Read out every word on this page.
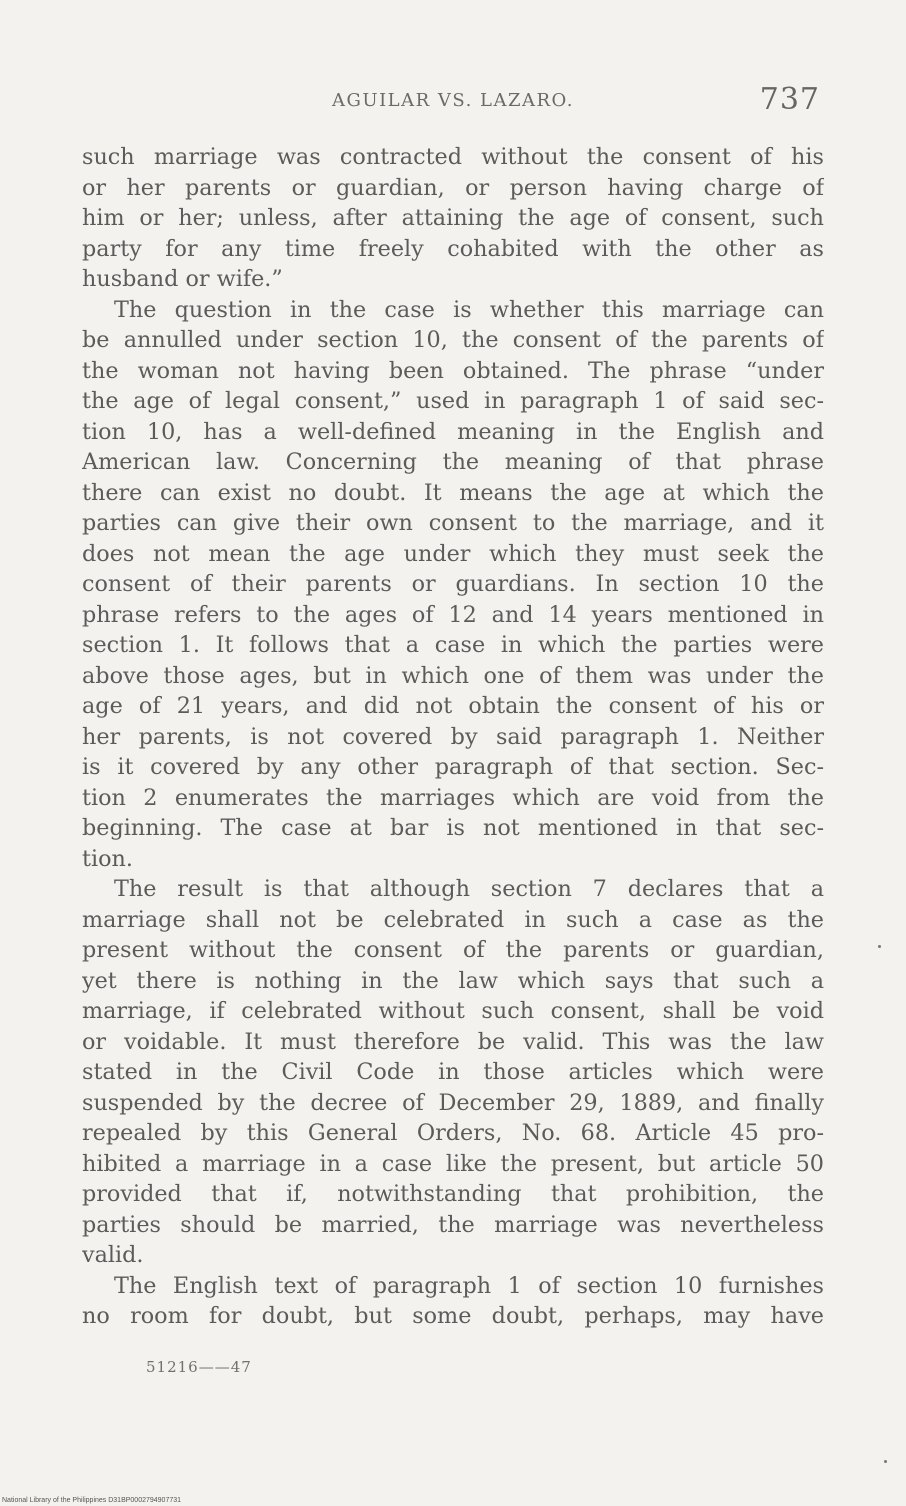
AGUILAR VS. LAZARO.	737
such marriage was contracted without the consent of his
or her parents or guardian, or person having charge of
him or her; unless, after attaining the age of consent, such
party for any time freely cohabited with the other as
husband or wife.”
The question in the case is whether this marriage can
be annulled under section 10, the consent of the parents of
the woman not having been obtained. The phrase “under
the age of legal consent,” used in paragraph 1 of said sec-
tion 10, has a well-defined meaning in the English and
American law. Concerning the meaning of that phrase
there can exist no doubt. It means the age at which the
parties can give their own consent to the marriage, and it
does not mean the age under which they must seek the
consent of their parents or guardians. In section 10 the
phrase refers to the ages of 12 and 14 years mentioned in
section 1. It follows that a case in which the parties were
above those ages, but in which one of them was under the
age of 21 years, and did not obtain the consent of his or
her parents, is not covered by said paragraph 1. Neither
is it covered by any other paragraph of that section. Sec-
tion 2 enumerates the marriages which are void from the
beginning. The case at bar is not mentioned in that sec-
tion.
The result is that although section 7 declares that a
marriage shall not be celebrated in such a case as the
present without the consent of the parents or guardian,
yet there is nothing in the law which says that such a
marriage, if celebrated without such consent, shall be void
or voidable. It must therefore be valid. This was the law
stated in the Civil Code in those articles which were
suspended by the decree of December 29, 1889, and finally
repealed by this General Orders, No. 68. Article 45 pro-
hibited a marriage in a case like the present, but article 50
provided that if, notwithstanding that prohibition, the
parties should be married, the marriage was nevertheless
valid.
The English text of paragraph 1 of section 10 furnishes
no room for doubt, but some doubt, perhaps, may have
51216——47
National Library of the Philippines D31BP0002794907731
